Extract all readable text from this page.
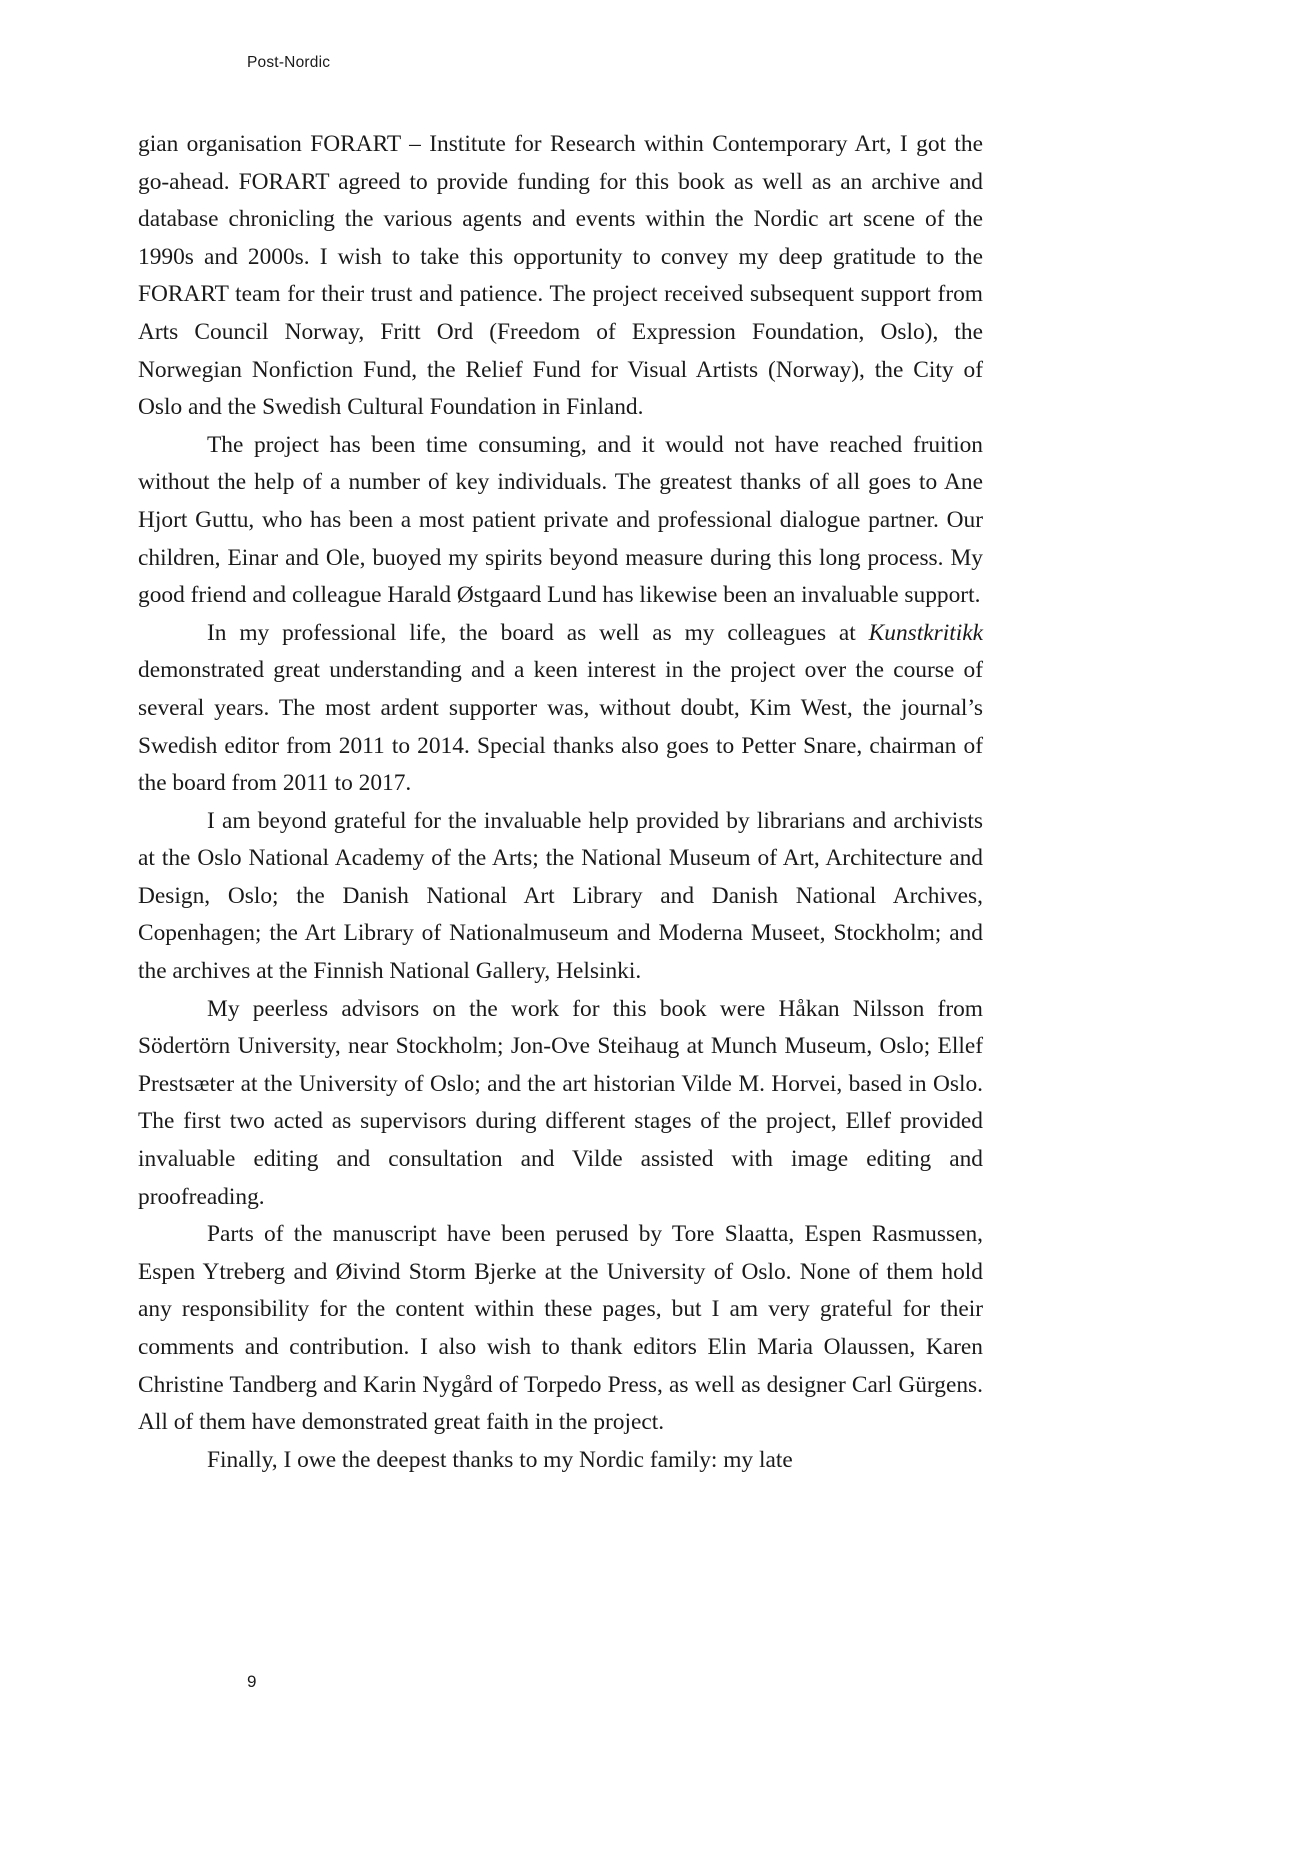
Post-Nordic

gian organisation FORART – Institute for Research within Contemporary Art, I got the go-ahead. FORART agreed to provide funding for this book as well as an archive and database chronicling the various agents and events within the Nordic art scene of the 1990s and 2000s. I wish to take this opportunity to convey my deep gratitude to the FORART team for their trust and patience. The project received subsequent support from Arts Council Norway, Fritt Ord (Freedom of Expression Foundation, Oslo), the Norwegian Nonfiction Fund, the Relief Fund for Visual Artists (Norway), the City of Oslo and the Swedish Cultural Foundation in Finland.

The project has been time consuming, and it would not have reached fruition without the help of a number of key individuals. The greatest thanks of all goes to Ane Hjort Guttu, who has been a most patient private and professional dialogue partner. Our children, Einar and Ole, buoyed my spirits beyond measure during this long process. My good friend and colleague Harald Østgaard Lund has likewise been an invaluable support.

In my professional life, the board as well as my colleagues at Kunstkritikk demonstrated great understanding and a keen interest in the project over the course of several years. The most ardent supporter was, without doubt, Kim West, the journal’s Swedish editor from 2011 to 2014. Special thanks also goes to Petter Snare, chairman of the board from 2011 to 2017.

I am beyond grateful for the invaluable help provided by librarians and archivists at the Oslo National Academy of the Arts; the National Museum of Art, Architecture and Design, Oslo; the Danish National Art Library and Danish National Archives, Copenhagen; the Art Library of Nationalmuseum and Moderna Museet, Stockholm; and the archives at the Finnish National Gallery, Helsinki.

My peerless advisors on the work for this book were Håkan Nilsson from Södertörn University, near Stockholm; Jon-Ove Steihaug at Munch Museum, Oslo; Ellef Prestsæter at the University of Oslo; and the art historian Vilde M. Horvei, based in Oslo. The first two acted as supervisors during different stages of the project, Ellef provided invaluable editing and consultation and Vilde assisted with image editing and proofreading.

Parts of the manuscript have been perused by Tore Slaatta, Espen Rasmussen, Espen Ytreberg and Øivind Storm Bjerke at the University of Oslo. None of them hold any responsibility for the content within these pages, but I am very grateful for their comments and contribution. I also wish to thank editors Elin Maria Olaussen, Karen Christine Tandberg and Karin Nygård of Torpedo Press, as well as designer Carl Gürgens. All of them have demonstrated great faith in the project.

Finally, I owe the deepest thanks to my Nordic family: my late

9
